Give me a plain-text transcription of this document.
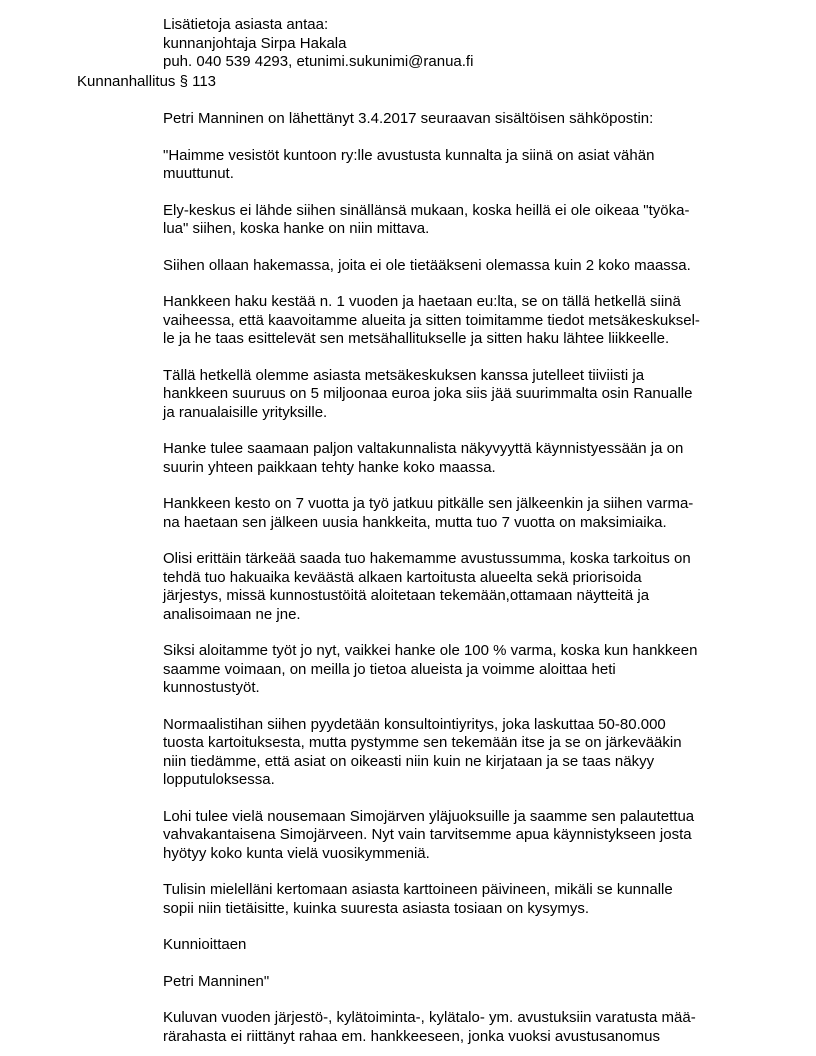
Lisätietoja asiasta antaa:
kunnanjohtaja Sirpa Hakala
puh. 040 539 4293, etunimi.sukunimi@ranua.fi
Kunnanhallitus § 113

Petri Manninen on lähettänyt 3.4.2017 seuraavan sisältöisen sähköpostin:

"Haimme vesistöt kuntoon ry:lle avustusta kunnalta ja siinä on asiat vähän
muuttunut.

Ely-keskus ei lähde siihen sinällänsä mukaan, koska heillä ei ole oikeaa "työka-
lua" siihen, koska hanke on niin mittava.

Siihen ollaan hakemassa, joita ei ole tietääkseni olemassa kuin 2 koko maassa.

Hankkeen haku kestää n. 1 vuoden ja haetaan eu:lta, se on tällä hetkellä siinä
vaiheessa, että kaavoitamme alueita ja sitten toimitamme tiedot metsäkeskuksel-
le ja he taas esittelevät sen metsähallitukselle ja sitten haku lähtee liikkeelle.

Tällä hetkellä olemme asiasta metsäkeskuksen kanssa jutelleet tiiviisti ja
hankkeen suuruus on 5 miljoonaa euroa joka siis jää suurimmalta osin Ranualle
ja ranualaisille yrityksille.

Hanke tulee saamaan paljon valtakunnalista näkyvyyttä käynnistyessään ja on
suurin yhteen paikkaan tehty hanke koko maassa.

Hankkeen kesto on 7 vuotta ja työ jatkuu pitkälle sen jälkeenkin ja siihen varma-
na haetaan sen jälkeen uusia hankkeita, mutta tuo 7 vuotta on maksimiaika.

Olisi erittäin tärkeää saada tuo hakemamme avustussumma, koska tarkoitus on
tehdä tuo hakuaika keväästä alkaen kartoitusta alueelta sekä priorisoida
järjestys, missä kunnostustöitä aloitetaan tekemään,ottamaan näytteitä ja
analisoimaan ne jne.

Siksi aloitamme työt jo nyt, vaikkei hanke ole 100 % varma, koska kun hankkeen
saamme voimaan, on meilla jo tietoa alueista ja voimme aloittaa heti
kunnostustyöt.

Normaalistihan siihen pyydetään konsultointiyritys, joka laskuttaa 50-80.000
tuosta kartoituksesta, mutta pystymme sen tekemään itse ja se on järkevääkin
niin tiedämme, että asiat on oikeasti niin kuin ne kirjataan ja se taas näkyy
lopputuloksessa.

Lohi tulee vielä nousemaan Simojärven yläjuoksuille ja saamme sen palautettua
vahvakantaisena Simojärveen. Nyt vain tarvitsemme apua käynnistykseen josta
hyötyy koko kunta vielä vuosikymmeniä.

Tulisin mielelläni kertomaan asiasta karttoineen päivineen, mikäli se kunnalle
sopii niin tietäisitte, kuinka suuresta asiasta tosiaan on kysymys.

Kunnioittaen

Petri Manninen"

Kuluvan vuoden järjestö-, kylätoiminta-, kylätalo- ym. avustuksiin varatusta mää-
rärahasta ei riittänyt rahaa em. hankkeeseen, jonka vuoksi avustusanomus
